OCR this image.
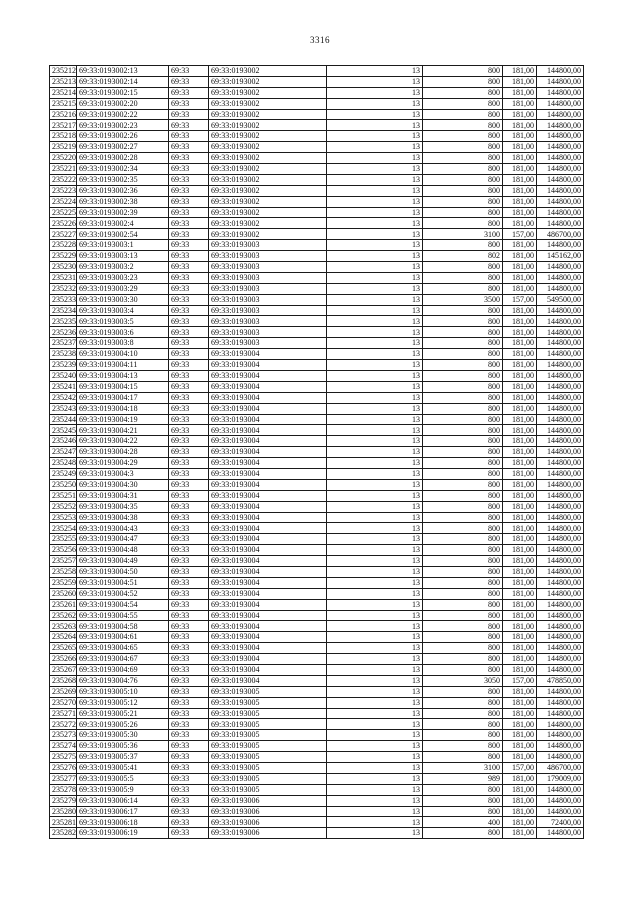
3316
235212	69:33:0193002:13	69:33	69:33:0193002	13	800	181,00	144800,00
235213	69:33:0193002:14	69:33	69:33:0193002	13	800	181,00	144800,00
235214	69:33:0193002:15	69:33	69:33:0193002	13	800	181,00	144800,00
235215	69:33:0193002:20	69:33	69:33:0193002	13	800	181,00	144800,00
235216	69:33:0193002:22	69:33	69:33:0193002	13	800	181,00	144800,00
235217	69:33:0193002:23	69:33	69:33:0193002	13	800	181,00	144800,00
235218	69:33:0193002:26	69:33	69:33:0193002	13	800	181,00	144800,00
235219	69:33:0193002:27	69:33	69:33:0193002	13	800	181,00	144800,00
235220	69:33:0193002:28	69:33	69:33:0193002	13	800	181,00	144800,00
235221	69:33:0193002:34	69:33	69:33:0193002	13	800	181,00	144800,00
235222	69:33:0193002:35	69:33	69:33:0193002	13	800	181,00	144800,00
235223	69:33:0193002:36	69:33	69:33:0193002	13	800	181,00	144800,00
235224	69:33:0193002:38	69:33	69:33:0193002	13	800	181,00	144800,00
235225	69:33:0193002:39	69:33	69:33:0193002	13	800	181,00	144800,00
235226	69:33:0193002:4	69:33	69:33:0193002	13	800	181,00	144800,00
235227	69:33:0193002:54	69:33	69:33:0193002	13	3100	157,00	486700,00
235228	69:33:0193003:1	69:33	69:33:0193003	13	800	181,00	144800,00
235229	69:33:0193003:13	69:33	69:33:0193003	13	802	181,00	145162,00
235230	69:33:0193003:2	69:33	69:33:0193003	13	800	181,00	144800,00
235231	69:33:0193003:23	69:33	69:33:0193003	13	800	181,00	144800,00
235232	69:33:0193003:29	69:33	69:33:0193003	13	800	181,00	144800,00
235233	69:33:0193003:30	69:33	69:33:0193003	13	3500	157,00	549500,00
235234	69:33:0193003:4	69:33	69:33:0193003	13	800	181,00	144800,00
235235	69:33:0193003:5	69:33	69:33:0193003	13	800	181,00	144800,00
235236	69:33:0193003:6	69:33	69:33:0193003	13	800	181,00	144800,00
235237	69:33:0193003:8	69:33	69:33:0193003	13	800	181,00	144800,00
235238	69:33:0193004:10	69:33	69:33:0193004	13	800	181,00	144800,00
235239	69:33:0193004:11	69:33	69:33:0193004	13	800	181,00	144800,00
235240	69:33:0193004:13	69:33	69:33:0193004	13	800	181,00	144800,00
235241	69:33:0193004:15	69:33	69:33:0193004	13	800	181,00	144800,00
235242	69:33:0193004:17	69:33	69:33:0193004	13	800	181,00	144800,00
235243	69:33:0193004:18	69:33	69:33:0193004	13	800	181,00	144800,00
235244	69:33:0193004:19	69:33	69:33:0193004	13	800	181,00	144800,00
235245	69:33:0193004:21	69:33	69:33:0193004	13	800	181,00	144800,00
235246	69:33:0193004:22	69:33	69:33:0193004	13	800	181,00	144800,00
235247	69:33:0193004:28	69:33	69:33:0193004	13	800	181,00	144800,00
235248	69:33:0193004:29	69:33	69:33:0193004	13	800	181,00	144800,00
235249	69:33:0193004:3	69:33	69:33:0193004	13	800	181,00	144800,00
235250	69:33:0193004:30	69:33	69:33:0193004	13	800	181,00	144800,00
235251	69:33:0193004:31	69:33	69:33:0193004	13	800	181,00	144800,00
235252	69:33:0193004:35	69:33	69:33:0193004	13	800	181,00	144800,00
235253	69:33:0193004:38	69:33	69:33:0193004	13	800	181,00	144800,00
235254	69:33:0193004:43	69:33	69:33:0193004	13	800	181,00	144800,00
235255	69:33:0193004:47	69:33	69:33:0193004	13	800	181,00	144800,00
235256	69:33:0193004:48	69:33	69:33:0193004	13	800	181,00	144800,00
235257	69:33:0193004:49	69:33	69:33:0193004	13	800	181,00	144800,00
235258	69:33:0193004:50	69:33	69:33:0193004	13	800	181,00	144800,00
235259	69:33:0193004:51	69:33	69:33:0193004	13	800	181,00	144800,00
235260	69:33:0193004:52	69:33	69:33:0193004	13	800	181,00	144800,00
235261	69:33:0193004:54	69:33	69:33:0193004	13	800	181,00	144800,00
235262	69:33:0193004:55	69:33	69:33:0193004	13	800	181,00	144800,00
235263	69:33:0193004:58	69:33	69:33:0193004	13	800	181,00	144800,00
235264	69:33:0193004:61	69:33	69:33:0193004	13	800	181,00	144800,00
235265	69:33:0193004:65	69:33	69:33:0193004	13	800	181,00	144800,00
235266	69:33:0193004:67	69:33	69:33:0193004	13	800	181,00	144800,00
235267	69:33:0193004:69	69:33	69:33:0193004	13	800	181,00	144800,00
235268	69:33:0193004:76	69:33	69:33:0193004	13	3050	157,00	478850,00
235269	69:33:0193005:10	69:33	69:33:0193005	13	800	181,00	144800,00
235270	69:33:0193005:12	69:33	69:33:0193005	13	800	181,00	144800,00
235271	69:33:0193005:21	69:33	69:33:0193005	13	800	181,00	144800,00
235272	69:33:0193005:26	69:33	69:33:0193005	13	800	181,00	144800,00
235273	69:33:0193005:30	69:33	69:33:0193005	13	800	181,00	144800,00
235274	69:33:0193005:36	69:33	69:33:0193005	13	800	181,00	144800,00
235275	69:33:0193005:37	69:33	69:33:0193005	13	800	181,00	144800,00
235276	69:33:0193005:41	69:33	69:33:0193005	13	3100	157,00	486700,00
235277	69:33:0193005:5	69:33	69:33:0193005	13	989	181,00	179009,00
235278	69:33:0193005:9	69:33	69:33:0193005	13	800	181,00	144800,00
235279	69:33:0193006:14	69:33	69:33:0193006	13	800	181,00	144800,00
235280	69:33:0193006:17	69:33	69:33:0193006	13	800	181,00	144800,00
235281	69:33:0193006:18	69:33	69:33:0193006	13	400	181,00	72400,00
235282	69:33:0193006:19	69:33	69:33:0193006	13	800	181,00	144800,00
